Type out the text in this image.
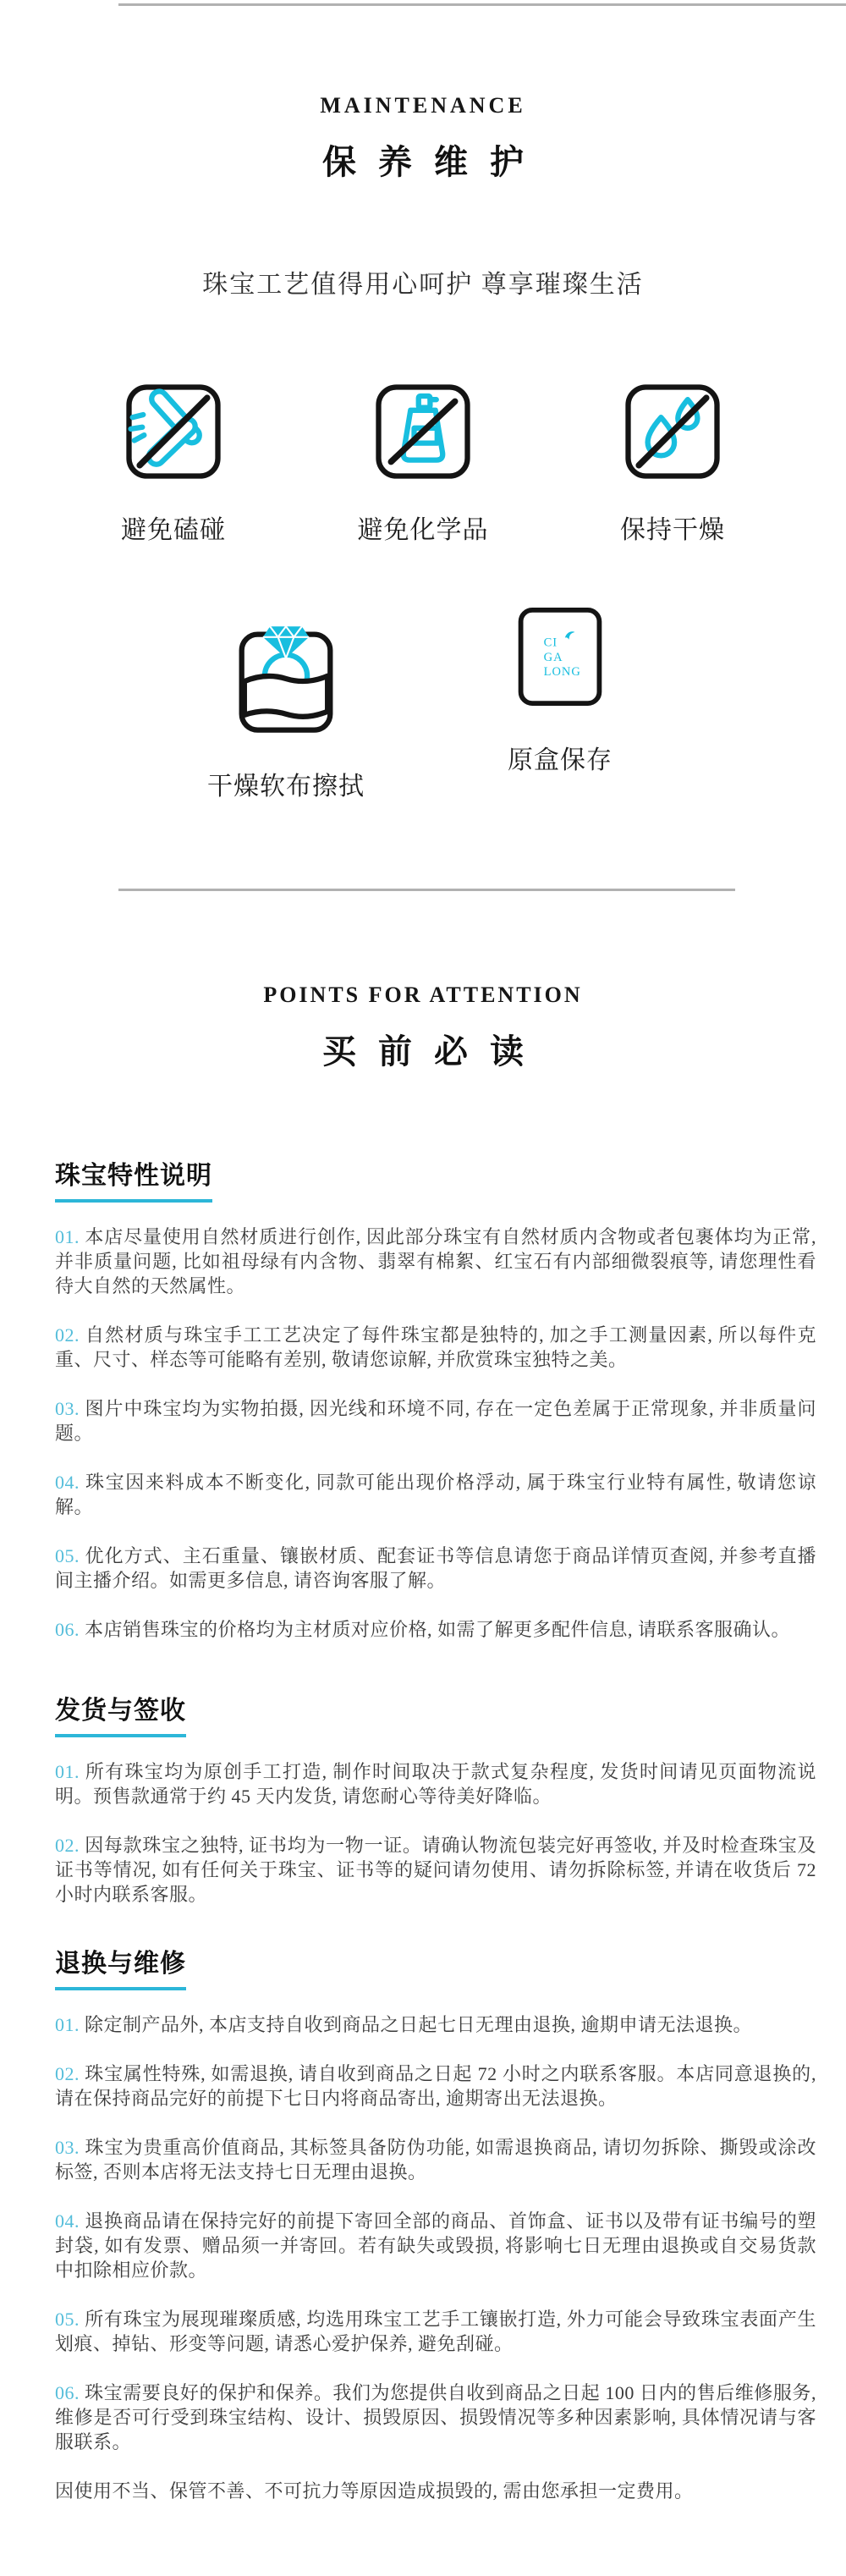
MAINTENANCE
保养维护

珠宝工艺值得用心呵护 尊享璀璨生活

避免磕碰	避免化学品	保持干燥
干燥软布擦拭
CI
GA
LONG
原盒保存
POINTS FOR ATTENTION
买前必读
珠宝特性说明

01. 本店尽量使用自然材质进行创作, 因此部分珠宝有自然材质内含物或者包裹体均为正常, 并非质量问题, 比如祖母绿有内含物、翡翠有棉絮、红宝石有内部细微裂痕等, 请您理性看待大自然的天然属性。

02. 自然材质与珠宝手工工艺决定了每件珠宝都是独特的, 加之手工测量因素, 所以每件克重、尺寸、样态等可能略有差别, 敬请您谅解, 并欣赏珠宝独特之美。

03. 图片中珠宝均为实物拍摄, 因光线和环境不同, 存在一定色差属于正常现象, 并非质量问题。

04. 珠宝因来料成本不断变化, 同款可能出现价格浮动, 属于珠宝行业特有属性, 敬请您谅解。

05. 优化方式、主石重量、镶嵌材质、配套证书等信息请您于商品详情页查阅, 并参考直播间主播介绍。如需更多信息, 请咨询客服了解。

06. 本店销售珠宝的价格均为主材质对应价格, 如需了解更多配件信息, 请联系客服确认。

发货与签收

01. 所有珠宝均为原创手工打造, 制作时间取决于款式复杂程度, 发货时间请见页面物流说明。预售款通常于约 45 天内发货, 请您耐心等待美好降临。

02. 因每款珠宝之独特, 证书均为一物一证。请确认物流包装完好再签收, 并及时检查珠宝及证书等情况, 如有任何关于珠宝、证书等的疑问请勿使用、请勿拆除标签, 并请在收货后 72 小时内联系客服。

退换与维修

01. 除定制产品外, 本店支持自收到商品之日起七日无理由退换, 逾期申请无法退换。

02. 珠宝属性特殊, 如需退换, 请自收到商品之日起 72 小时之内联系客服。本店同意退换的, 请在保持商品完好的前提下七日内将商品寄出, 逾期寄出无法退换。

03. 珠宝为贵重高价值商品, 其标签具备防伪功能, 如需退换商品, 请切勿拆除、撕毁或涂改标签, 否则本店将无法支持七日无理由退换。

04. 退换商品请在保持完好的前提下寄回全部的商品、首饰盒、证书以及带有证书编号的塑封袋, 如有发票、赠品须一并寄回。若有缺失或毁损, 将影响七日无理由退换或自交易货款中扣除相应价款。

05. 所有珠宝为展现璀璨质感, 均选用珠宝工艺手工镶嵌打造, 外力可能会导致珠宝表面产生划痕、掉钻、形变等问题, 请悉心爱护保养, 避免刮碰。

06. 珠宝需要良好的保护和保养。我们为您提供自收到商品之日起 100 日内的售后维修服务, 维修是否可行受到珠宝结构、设计、损毁原因、损毁情况等多种因素影响, 具体情况请与客服联系。

因使用不当、保管不善、不可抗力等原因造成损毁的, 需由您承担一定费用。
